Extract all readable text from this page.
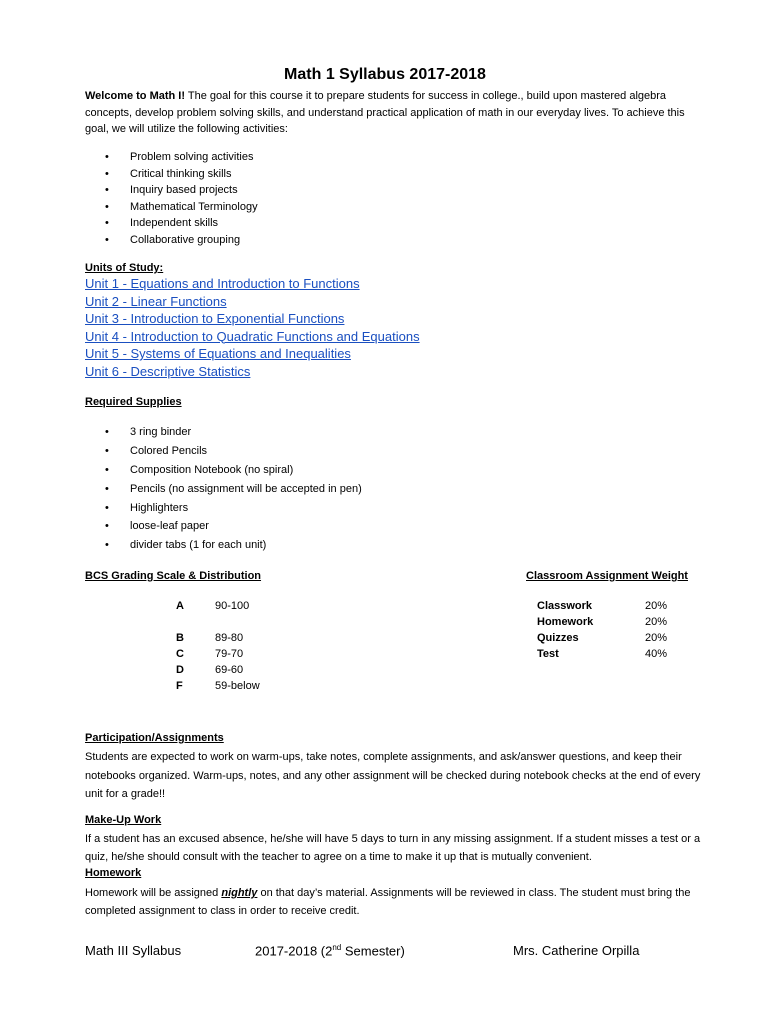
Math 1 Syllabus 2017-2018
Welcome to Math I! The goal for this course it to prepare students for success in college., build upon mastered algebra concepts, develop problem solving skills, and understand practical application of math in our everyday lives. To achieve this goal, we will utilize the following activities:
• Problem solving activities
• Critical thinking skills
• Inquiry based projects
• Mathematical Terminology
• Independent skills
• Collaborative grouping
Units of Study:
Unit 1 - Equations and Introduction to Functions
Unit 2 - Linear Functions
Unit 3 - Introduction to Exponential Functions
Unit 4 - Introduction to Quadratic Functions and Equations
Unit 5 - Systems of Equations and Inequalities
Unit 6 - Descriptive Statistics
Required Supplies
• 3 ring binder
• Colored Pencils
• Composition Notebook (no spiral)
• Pencils (no assignment will be accepted in pen)
• Highlighters
• loose-leaf paper
• divider tabs (1 for each unit)
BCS Grading Scale & Distribution	Classroom Assignment Weight
A	90-100
B	89-80
C	79-70
D	69-60
F	59-below
Classwork	20%
Homework	20%
Quizzes	20%
Test	40%
Participation/Assignments
Students are expected to work on warm-ups, take notes, complete assignments, and ask/answer questions, and keep their notebooks organized. Warm-ups, notes, and any other assignment will be checked during notebook checks at the end of every unit for a grade!!
Make-Up Work
If a student has an excused absence, he/she will have 5 days to turn in any missing assignment. If a student misses a test or a quiz, he/she should consult with the teacher to agree on a time to make it up that is mutually convenient.
Homework
Homework will be assigned nightly on that day’s material. Assignments will be reviewed in class. The student must bring the completed assignment to class in order to receive credit.
Math III Syllabus	2017-2018 (2nd Semester)	Mrs. Catherine Orpilla
